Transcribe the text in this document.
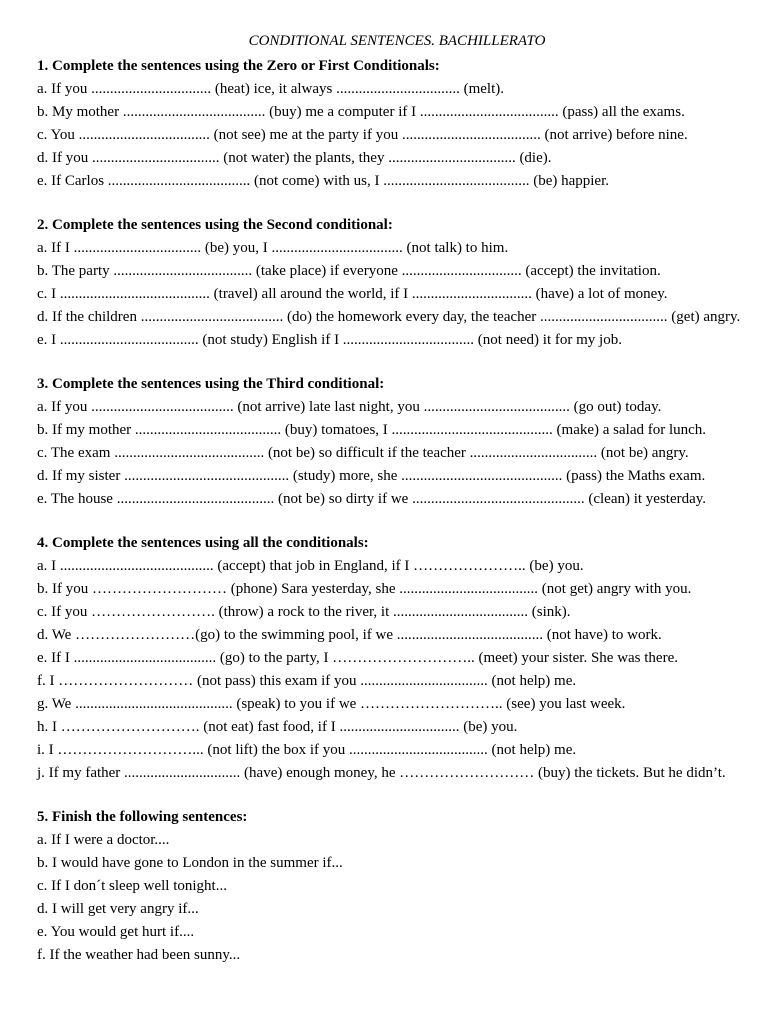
CONDITIONAL SENTENCES. BACHILLERATO
1. Complete the sentences using the Zero or First Conditionals:
a. If you ................................ (heat) ice, it always ................................. (melt).
b. My mother ...................................... (buy) me a computer if I ..................................... (pass) all the exams.
c. You ................................... (not see) me at the party if you ..................................... (not arrive) before nine.
d. If you .................................. (not water) the plants, they .................................. (die).
e. If Carlos ...................................... (not come) with us, I ....................................... (be) happier.
2. Complete the sentences using the Second conditional:
a. If I .................................. (be) you, I ................................... (not talk) to him.
b. The party ..................................... (take place) if everyone ................................ (accept) the invitation.
c. I ........................................ (travel) all around the world, if I ................................ (have) a lot of money.
d. If the children ...................................... (do) the homework every day, the teacher .................................. (get) angry.
e. I ..................................... (not study) English if I ................................... (not need) it for my job.
3. Complete the sentences using the Third conditional:
a. If you ...................................... (not arrive) late last night, you ....................................... (go out) today.
b. If my mother ....................................... (buy) tomatoes, I ........................................... (make) a salad for lunch.
c. The exam ........................................ (not be) so difficult if the teacher .................................. (not be) angry.
d. If my sister ............................................ (study) more, she ........................................... (pass) the Maths exam.
e. The house .......................................... (not be) so dirty if we .............................................. (clean) it yesterday.
4. Complete the sentences using all the conditionals:
a. I ......................................... (accept) that job in England, if I ………………….. (be) you.
b. If you ……………………… (phone) Sara yesterday, she ..................................... (not get) angry with you.
c. If you ……………………. (throw) a rock to the river, it .................................... (sink).
d. We ……………………(go) to the swimming pool, if we ....................................... (not have) to work.
e. If I ...................................... (go) to the party, I ……………………….. (meet) your sister. She was there.
f. I ……………………… (not pass) this exam if you .................................. (not help) me.
g. We .......................................... (speak) to you if we ……………………….. (see) you last week.
h. I ………………………. (not eat) fast food, if I ................................ (be) you.
i. I ………………………... (not lift) the box if you ..................................... (not help) me.
j. If my father ............................... (have) enough money, he ……………………… (buy) the tickets. But he didn’t.
5. Finish the following sentences:
a. If I were a doctor....
b. I would have gone to London in the summer if...
c. If I don´t sleep well tonight...
d. I will get very angry if...
e. You would get hurt if....
f. If the weather had been sunny...
